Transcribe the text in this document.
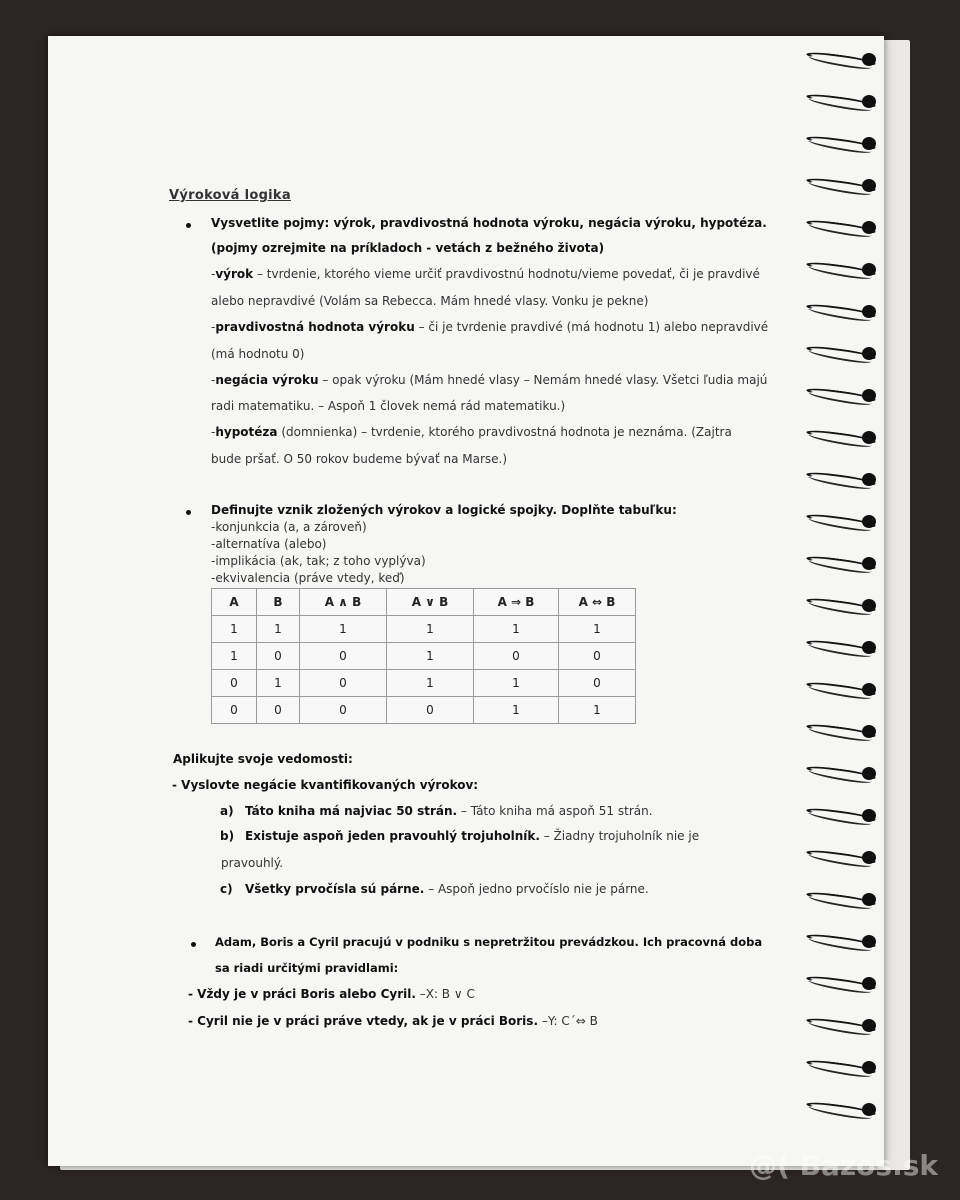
Výroková logika
Vysvetlite pojmy: výrok, pravdivostná hodnota výroku, negácia výroku, hypotéza.
(pojmy ozrejmite na príkladoch - vetách z bežného života)
-výrok – tvrdenie, ktorého vieme určiť pravdivostnú hodnotu/vieme povedať, či je pravdivé
alebo nepravdivé (Volám sa Rebecca. Mám hnedé vlasy. Vonku je pekne)
-pravdivostná hodnota výroku – či je tvrdenie pravdivé (má hodnotu 1) alebo nepravdivé
(má hodnotu 0)
-negácia výroku – opak výroku (Mám hnedé vlasy – Nemám hnedé vlasy. Všetci ľudia majú
radi matematiku. – Aspoň 1 človek nemá rád matematiku.)
-hypotéza (domnienka) – tvrdenie, ktorého pravdivostná hodnota je neznáma. (Zajtra
bude pršať. O 50 rokov budeme bývať na Marse.)
Definujte vznik zložených výrokov a logické spojky. Doplňte tabuľku:
-konjunkcia (a, a zároveň)
-alternatíva (alebo)
-implikácia (ak, tak; z toho vyplýva)
-ekvivalencia (práve vtedy, keď)
A	B	A ∧ B	A ∨ B	A ⇒ B	A ⇔ B
1	1	1	1	1	1
1	0	0	1	0	0
0	1	0	1	1	0
0	0	0	0	1	1
Aplikujte svoje vedomosti:
- Vyslovte negácie kvantifikovaných výrokov:
a) Táto kniha má najviac 50 strán. – Táto kniha má aspoň 51 strán.
b) Existuje aspoň jeden pravouhlý trojuholník. – Žiadny trojuholník nie je
pravouhlý.
c) Všetky prvočísla sú párne. – Aspoň jedno prvočíslo nie je párne.
Adam, Boris a Cyril pracujú v podniku s nepretržitou prevádzkou. Ich pracovná doba
sa riadi určitými pravidlami:
- Vždy je v práci Boris alebo Cyril. –X: B ∨ C
- Cyril nie je v práci práve vtedy, ak je v práci Boris. –Y: C´⇔ B
@( Bazos.sk
